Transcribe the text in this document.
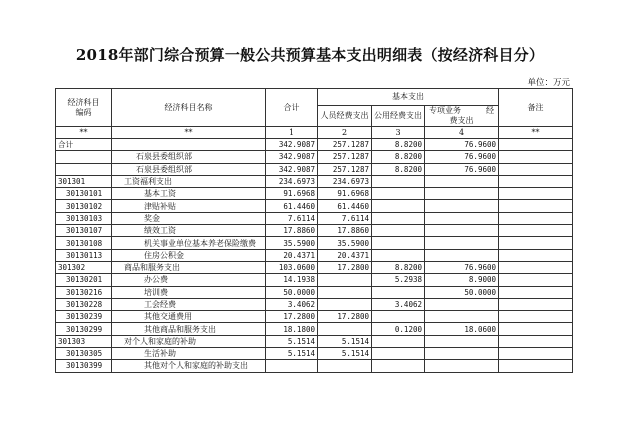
2018年部门综合预算一般公共预算基本支出明细表（按经济科目分）
单位：万元
经济科目
编码	经济科目名称	合计	基本支出			备注
			人员经费支出	公用经费支出	专项业务 经
费支出	
**	**	1	2	3	4	**
合计		342.9087	257.1287	8.8200	76.9600	
	石泉县委组织部	342.9087	257.1287	8.8200	76.9600	
	石泉县委组织部	342.9087	257.1287	8.8200	76.9600	
301301	工资福利支出	234.6973	234.6973			
30130101	基本工资	91.6968	91.6968			
30130102	津贴补贴	61.4460	61.4460			
30130103	奖金	7.6114	7.6114			
30130107	绩效工资	17.8860	17.8860			
30130108	机关事业单位基本养老保险缴费	35.5900	35.5900			
30130113	住房公积金	20.4371	20.4371			
301302	商品和服务支出	103.0600	17.2800	8.8200	76.9600	
30130201	办公费	14.1938		5.2938	8.9000	
30130216	培训费	50.0000			50.0000	
30130228	工会经费	3.4062		3.4062		
30130239	其他交通费用	17.2800	17.2800			
30130299	其他商品和服务支出	18.1800		0.1200	18.0600	
301303	对个人和家庭的补助	5.1514	5.1514			
30130305	生活补助	5.1514	5.1514			
30130399	其他对个人和家庭的补助支出					
